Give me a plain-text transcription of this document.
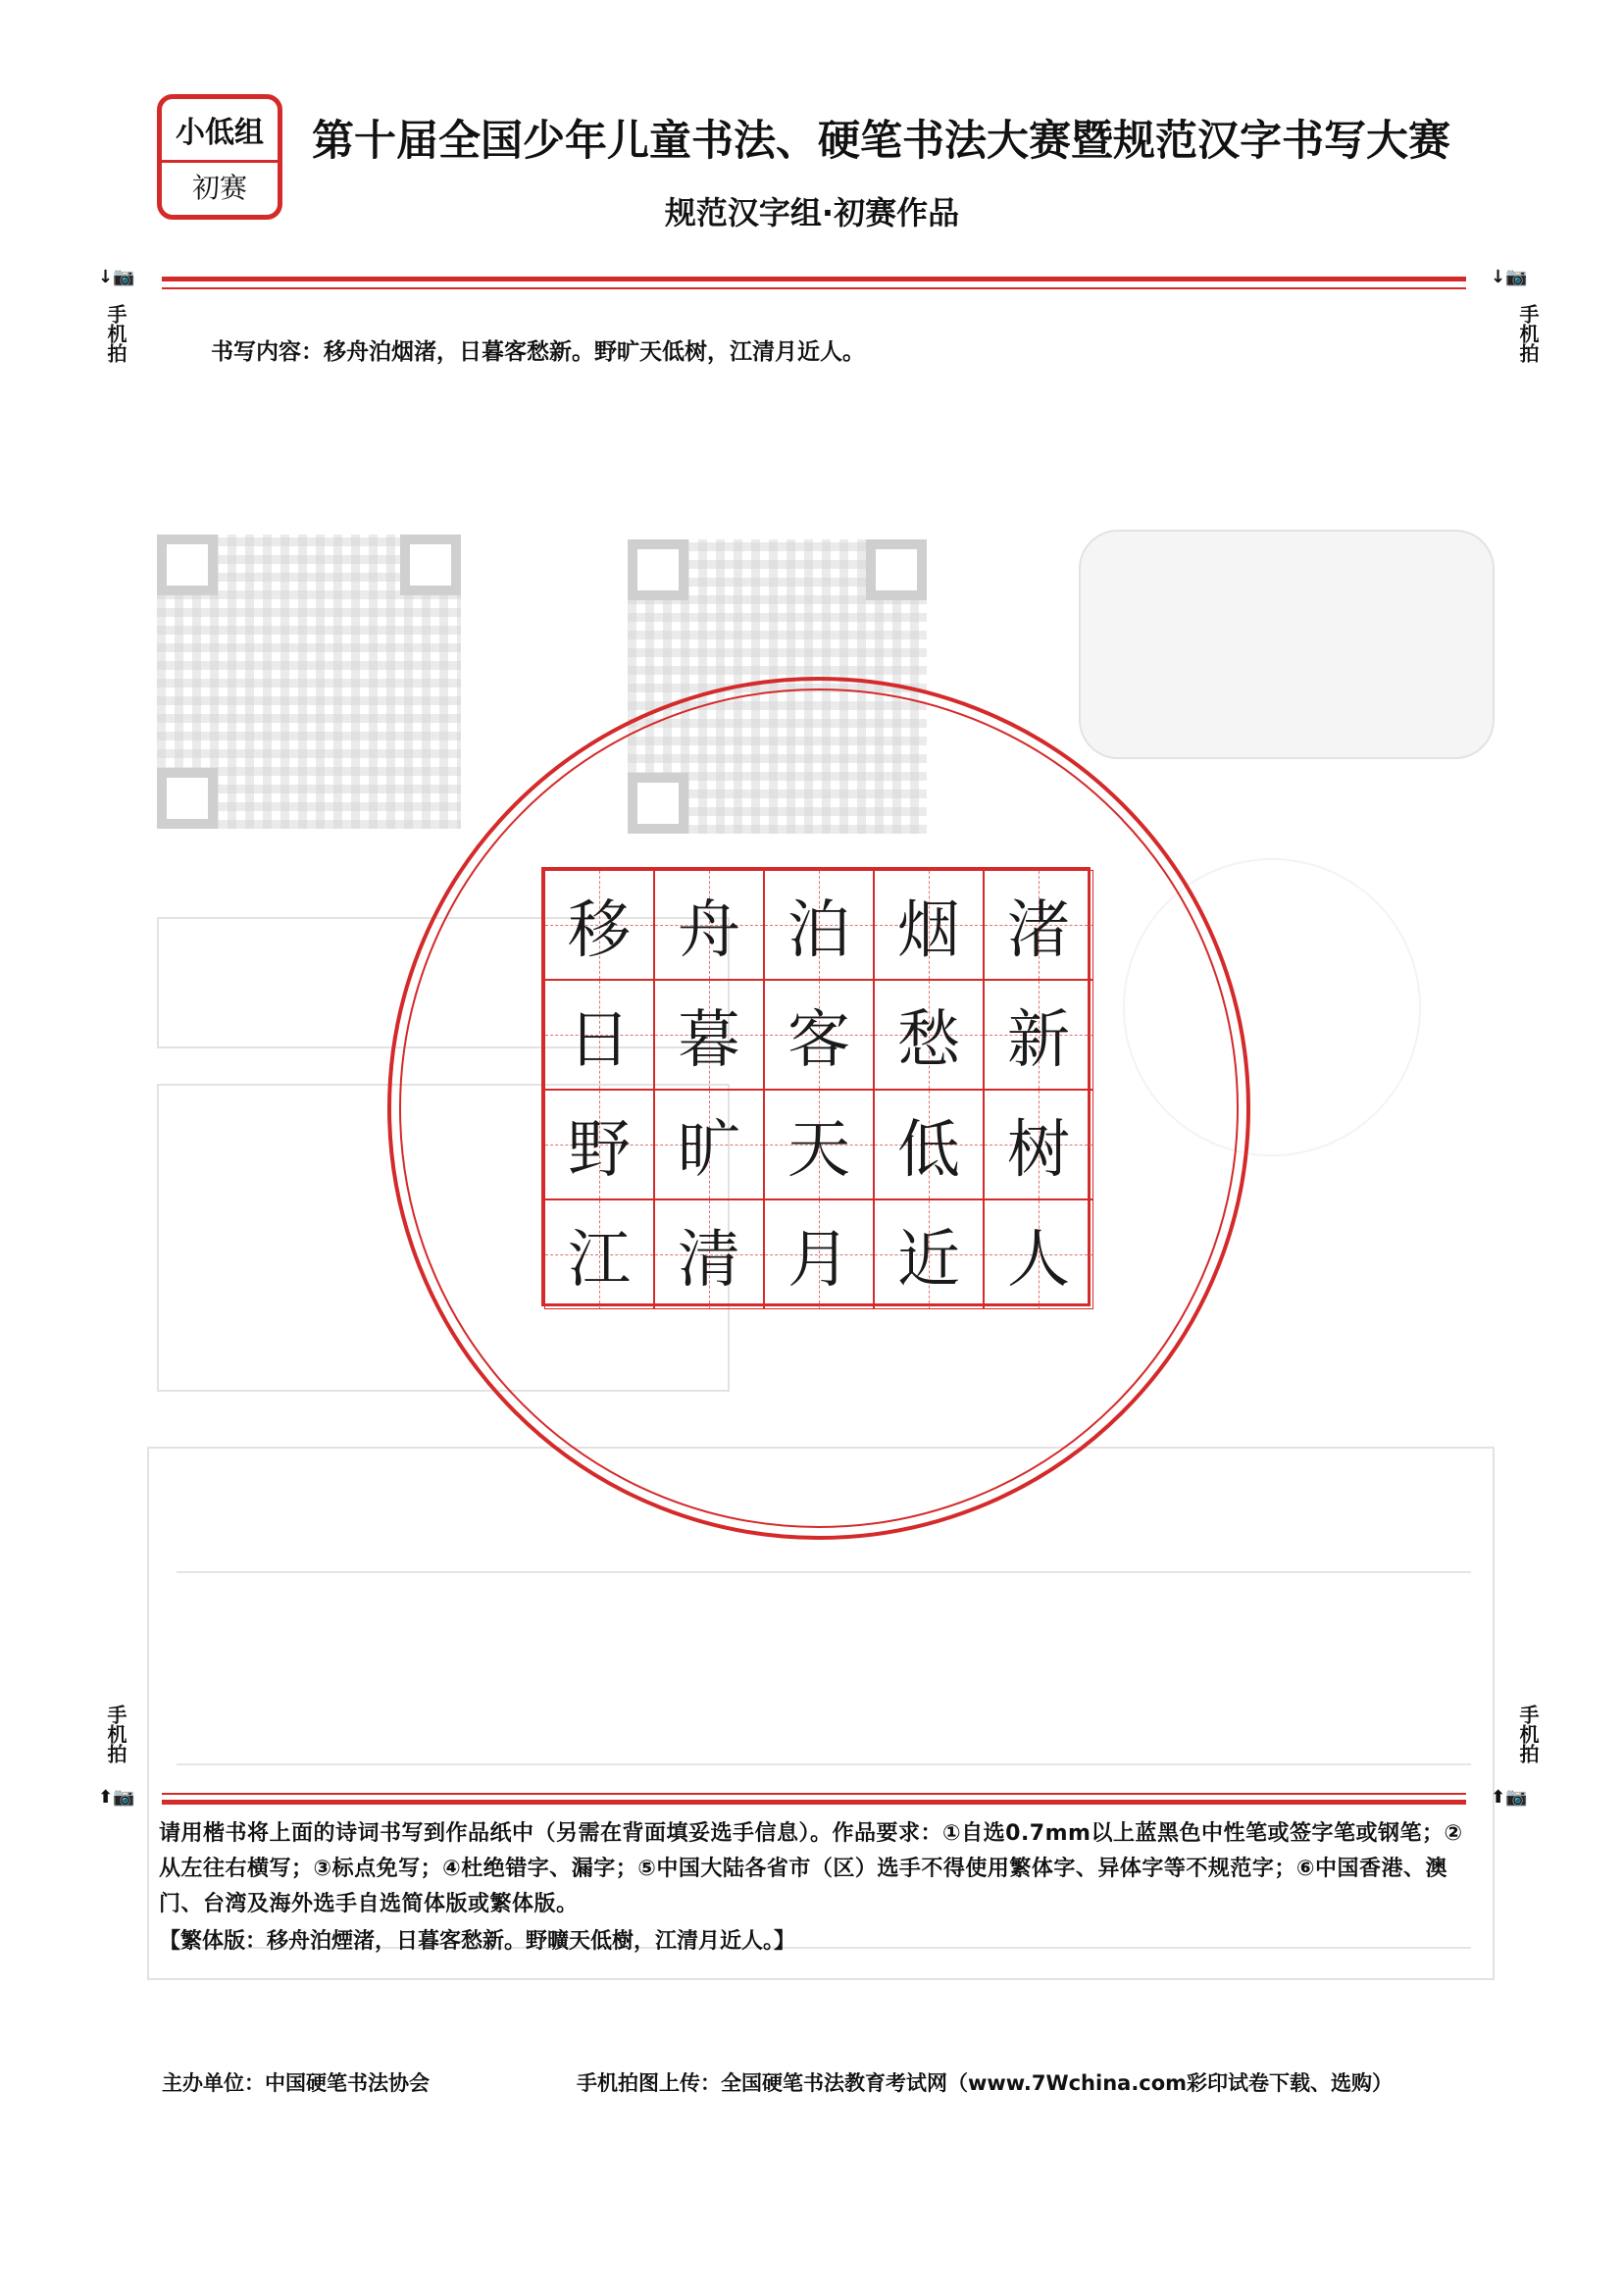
小低组
初赛
第十届全国少年儿童书法、硬笔书法大赛暨规范汉字书写大赛
规范汉字组·初赛作品
↓📷
手机拍
↓📷
手机拍
书写内容：移舟泊烟渚，日暮客愁新。野旷天低树，江清月近人。
移 舟 泊 烟 渚
日 暮 客 愁 新
野 旷 天 低 树
江 清 月 近 人
手机拍
⬆📷
手机拍
⬆📷
请用楷书将上面的诗词书写到作品纸中（另需在背面填妥选手信息）。作品要求：①自选0.7mm以上蓝黑色中性笔或签字笔或钢笔；②从左往右横写；③标点免写；④杜绝错字、漏字；⑤中国大陆各省市（区）选手不得使用繁体字、异体字等不规范字；⑥中国香港、澳门、台湾及海外选手自选简体版或繁体版。
【繁体版：移舟泊煙渚，日暮客愁新。野曠天低樹，江清月近人。】
主办单位：中国硬笔书法协会	手机拍图上传：全国硬笔书法教育考试网（www.7Wchina.com彩印试卷下载、选购）
